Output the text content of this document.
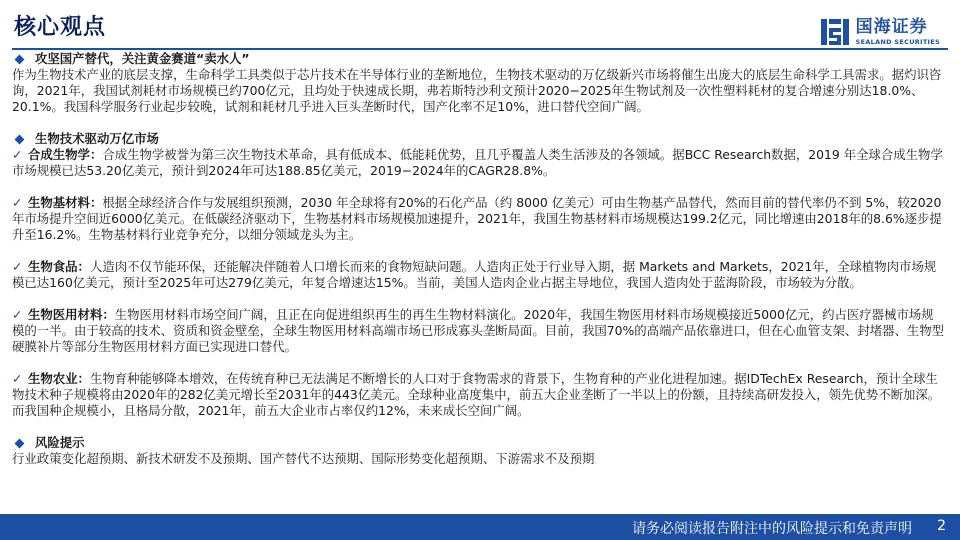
核心观点	国海证券
SEALAND SECURITIES
攻坚国产替代，关注黄金赛道“卖水人”

作为生物技术产业的底层支撑，生命科学工具类似于芯片技术在半导体行业的垄断地位，生物技术驱动的万亿级新兴市场将催生出庞大的底层生命科学工具需求。据灼识咨询，2021年，我国试剂耗材市场规模已约700亿元，且均处于快速成长期，弗若斯特沙利文预计2020−2025年生物试剂及一次性塑料耗材的复合增速分别达18.0%、20.1%。我国科学服务行业起步较晚，试剂和耗材几乎进入巨头垄断时代，国产化率不足10%，进口替代空间广阔。

生物技术驱动万亿市场

✓ 合成生物学：合成生物学被誉为第三次生物技术革命，具有低成本、低能耗优势，且几乎覆盖人类生活涉及的各领域。据BCC Research数据，2019 年全球合成生物学市场规模已达53.20亿美元，预计到2024年可达188.85亿美元，2019−2024年的CAGR28.8%。

✓ 生物基材料：根据全球经济合作与发展组织预测，2030 年全球将有20%的石化产品（约 8000 亿美元）可由生物基产品替代，然而目前的替代率仍不到 5%，较2020年市场提升空间近6000亿美元。在低碳经济驱动下，生物基材料市场规模加速提升，2021年，我国生物基材料市场规模达199.2亿元，同比增速由2018年的8.6%逐步提升至16.2%。生物基材料行业竞争充分，以细分领域龙头为主。

✓ 生物食品：人造肉不仅节能环保，还能解决伴随着人口增长而来的食物短缺问题。人造肉正处于行业导入期，据 Markets and Markets，2021年，全球植物肉市场规模已达160亿美元，预计至2025年可达279亿美元，年复合增速达15%。当前，美国人造肉企业占据主导地位，我国人造肉处于蓝海阶段，市场较为分散。

✓ 生物医用材料：生物医用材料市场空间广阔，且正在向促进组织再生的再生生物材料演化。2020年，我国生物医用材料市场规模接近5000亿元，约占医疗器械市场规模的一半。由于较高的技术、资质和资金壁垒，全球生物医用材料高端市场已形成寡头垄断局面。目前，我国70%的高端产品依靠进口，但在心血管支架、封堵器、生物型硬膜补片等部分生物医用材料方面已实现进口替代。

✓ 生物农业：生物育种能够降本增效，在传统育种已无法满足不断增长的人口对于食物需求的背景下，生物育种的产业化进程加速。据IDTechEx Research，预计全球生物技术种子规模将由2020年的282亿美元增长至2031年的443亿美元。全球种业高度集中，前五大企业垄断了一半以上的份额，且持续高研发投入，领先优势不断加深。而我国种企规模小，且格局分散，2021年，前五大企业市占率仅约12%，未来成长空间广阔。

风险提示

行业政策变化超预期、新技术研发不及预期、国产替代不达预期、国际形势变化超预期、下游需求不及预期

请务必阅读报告附注中的风险提示和免责声明 2
